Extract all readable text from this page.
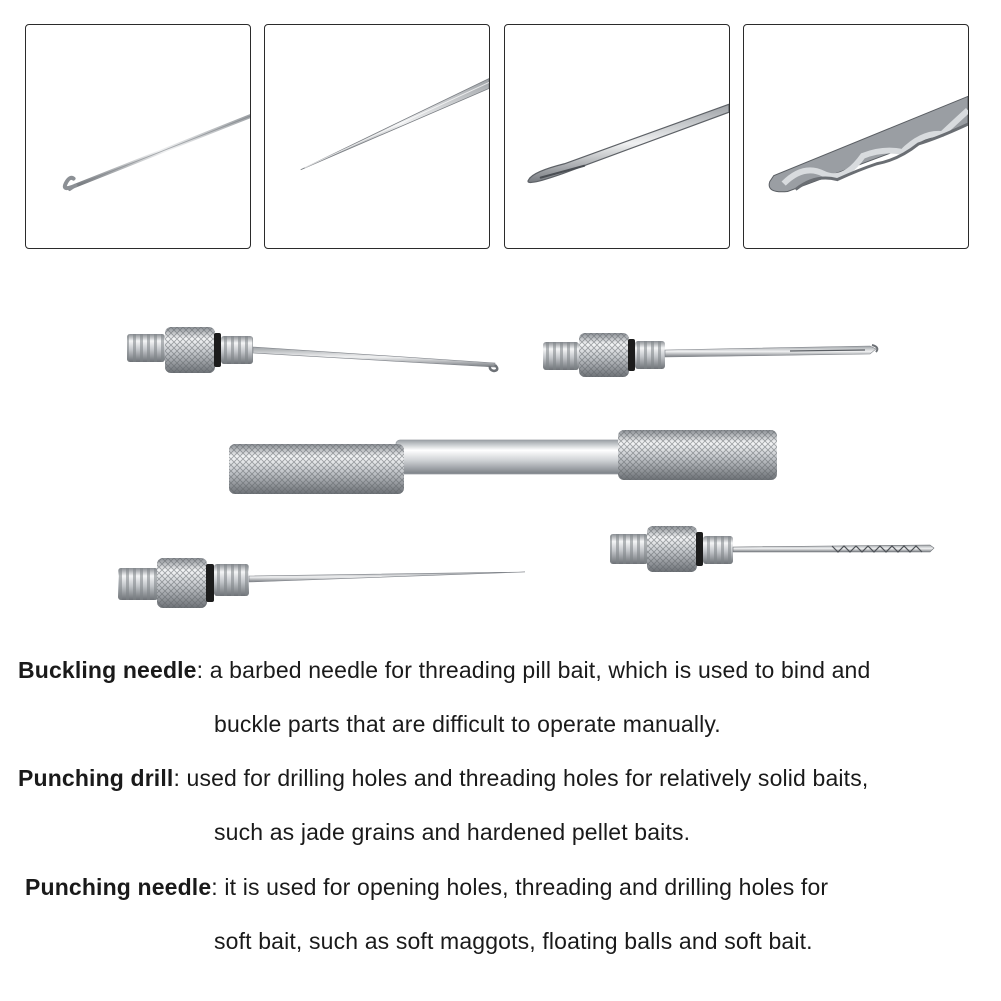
Buckling needle: a barbed needle for threading pill bait, which is used to bind and
buckle parts that are difficult to operate manually.
Punching drill: used for drilling holes and threading holes for relatively solid baits,
such as jade grains and hardened pellet baits.
Punching needle: it is used for opening holes, threading and drilling holes for
soft bait, such as soft maggots, floating balls and soft bait.
